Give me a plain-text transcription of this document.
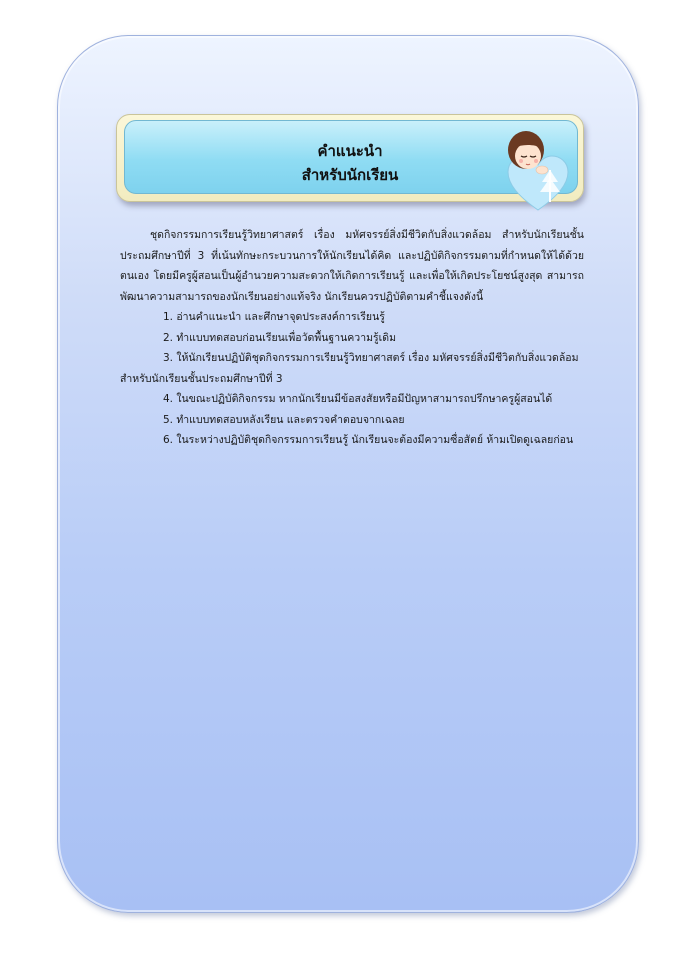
คำแนะนำ
สำหรับนักเรียน

ชุดกิจกรรมการเรียนรู้วิทยาศาสตร์ เรื่อง มหัศจรรย์สิ่งมีชีวิตกับสิ่งแวดล้อม สำหรับนักเรียนชั้นประถมศึกษาปีที่ 3 ที่เน้นทักษะกระบวนการให้นักเรียนได้คิด และปฏิบัติกิจกรรมตามที่กำหนดให้ได้ด้วยตนเอง โดยมีครูผู้สอนเป็นผู้อำนวยความสะดวกให้เกิดการเรียนรู้ และเพื่อให้เกิดประโยชน์สูงสุด สามารถพัฒนาความสามารถของนักเรียนอย่างแท้จริง นักเรียนควรปฏิบัติตามคำชี้แจงดังนี้

1. อ่านคำแนะนำ และศึกษาจุดประสงค์การเรียนรู้
2. ทำแบบทดสอบก่อนเรียนเพื่อวัดพื้นฐานความรู้เดิม
3. ให้นักเรียนปฏิบัติชุดกิจกรรมการเรียนรู้วิทยาศาสตร์ เรื่อง มหัศจรรย์สิ่งมีชีวิตกับสิ่งแวดล้อม สำหรับนักเรียนชั้นประถมศึกษาปีที่ 3
4. ในขณะปฏิบัติกิจกรรม หากนักเรียนมีข้อสงสัยหรือมีปัญหาสามารถปรึกษาครูผู้สอนได้
5. ทำแบบทดสอบหลังเรียน และตรวจคำตอบจากเฉลย
6. ในระหว่างปฏิบัติชุดกิจกรรมการเรียนรู้ นักเรียนจะต้องมีความซื่อสัตย์ ห้ามเปิดดูเฉลยก่อน
